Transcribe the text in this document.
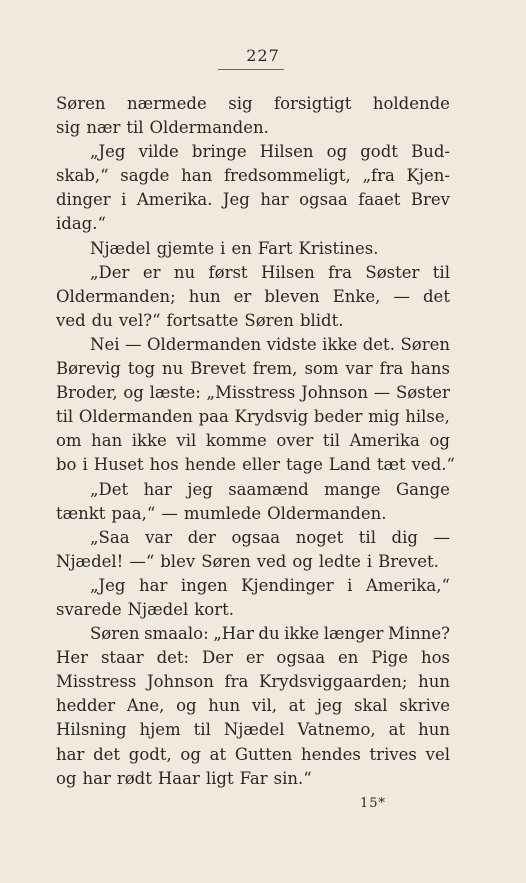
227
Søren nærmede sig forsigtigt holdende
sig nær til Oldermanden.
„Jeg vilde bringe Hilsen og godt Bud-
skab,“ sagde han fredsommeligt, „fra Kjen-
dinger i Amerika. Jeg har ogsaa faaet Brev
idag.“
Njædel gjemte i en Fart Kristines.
„Der er nu først Hilsen fra Søster til
Oldermanden; hun er bleven Enke, — det
ved du vel?“ fortsatte Søren blidt.
Nei — Oldermanden vidste ikke det. Søren
Børevig tog nu Brevet frem, som var fra hans
Broder, og læste: „Misstress Johnson — Søster
til Oldermanden paa Krydsvig beder mig hilse,
om han ikke vil komme over til Amerika og
bo i Huset hos hende eller tage Land tæt ved.“
„Det har jeg saamænd mange Gange
tænkt paa,“ — mumlede Oldermanden.
„Saa var der ogsaa noget til dig —
Njædel! —“ blev Søren ved og ledte i Brevet.
„Jeg har ingen Kjendinger i Amerika,“
svarede Njædel kort.
Søren smaalo: „Har du ikke længer Minne?
Her staar det: Der er ogsaa en Pige hos
Misstress Johnson fra Krydsviggaarden; hun
hedder Ane, og hun vil, at jeg skal skrive
Hilsning hjem til Njædel Vatnemo, at hun
har det godt, og at Gutten hendes trives vel
og har rødt Haar ligt Far sin.“
15*
